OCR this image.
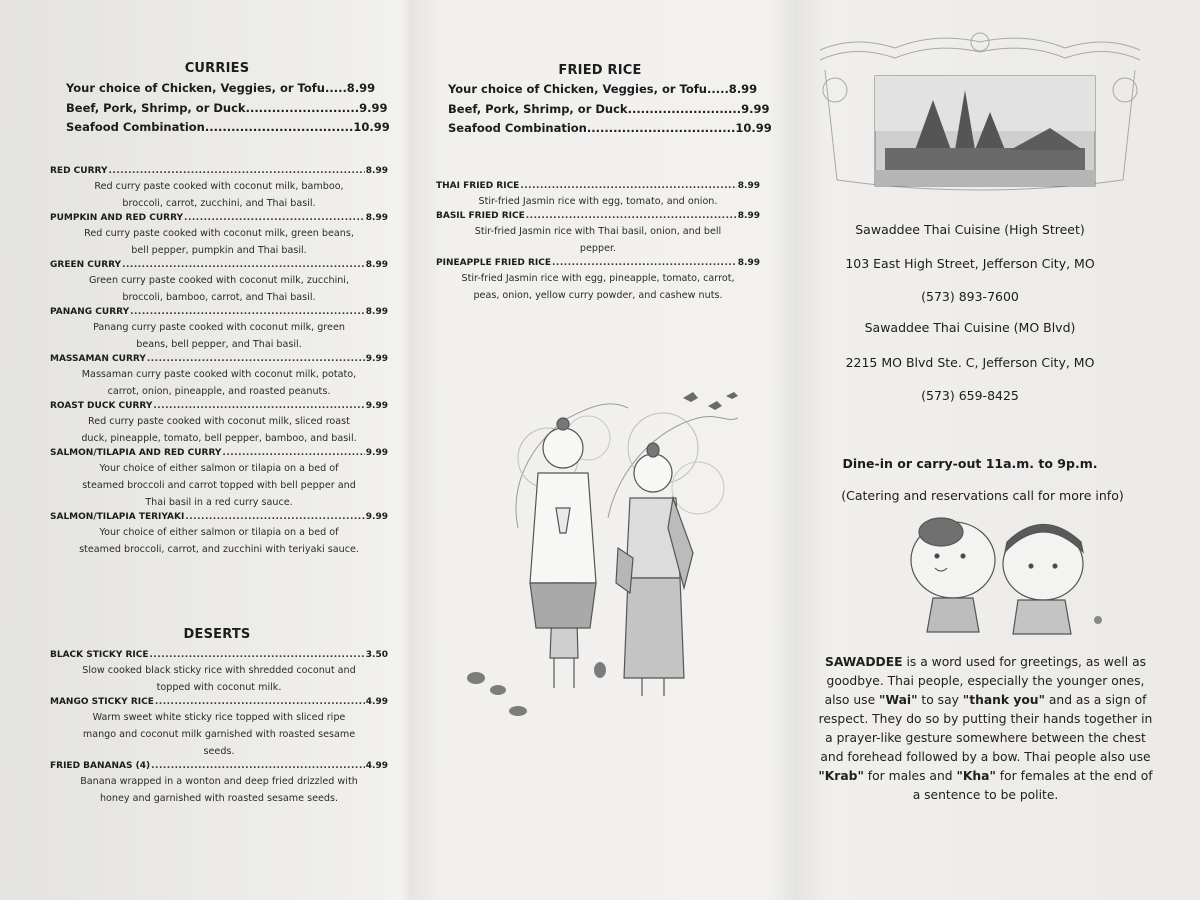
CURRIES
Your choice of Chicken, Veggies, or Tofu.....8.99
Beef, Pork, Shrimp, or Duck..........................9.99
Seafood Combination..................................10.99
RED CURRY .....	8.99
Red curry paste cooked with coconut milk, bamboo,
broccoli, carrot, zucchini, and Thai basil.
PUMPKIN AND RED CURRY .....	8.99
Red curry paste cooked with coconut milk, green beans,
bell pepper, pumpkin and Thai basil.
GREEN CURRY .....	8.99
Green curry paste cooked with coconut milk, zucchini,
broccoli, bamboo, carrot, and Thai basil.
PANANG CURRY .....	8.99
Panang curry paste cooked with coconut milk, green
beans, bell pepper, and Thai basil.
MASSAMAN CURRY .....	9.99
Massaman curry paste cooked with coconut milk, potato,
carrot, onion, pineapple, and roasted peanuts.
ROAST DUCK CURRY .....	9.99
Red curry paste cooked with coconut milk, sliced roast
duck, pineapple, tomato, bell pepper, bamboo, and basil.
SALMON/TILAPIA AND RED CURRY .....	9.99
Your choice of either salmon or tilapia on a bed of
steamed broccoli and carrot topped with bell pepper and
Thai basil in a red curry sauce.
SALMON/TILAPIA TERIYAKI .....	9.99
Your choice of either salmon or tilapia on a bed of
steamed broccoli, carrot, and zucchini with teriyaki sauce.
DESERTS
BLACK STICKY RICE .....	3.50
Slow cooked black sticky rice with shredded coconut and
topped with coconut milk.
MANGO STICKY RICE .....	4.99
Warm sweet white sticky rice topped with sliced ripe
mango and coconut milk garnished with roasted sesame
seeds.
FRIED BANANAS (4) .....	4.99
Banana wrapped in a wonton and deep fried drizzled with
honey and garnished with roasted sesame seeds.
FRIED RICE
Your choice of Chicken, Veggies, or Tofu.....8.99
Beef, Pork, Shrimp, or Duck..........................9.99
Seafood Combination..................................10.99
THAI FRIED RICE .....	8.99
Stir-fried Jasmin rice with egg, tomato, and onion.
BASIL FRIED RICE .....	8.99
Stir-fried Jasmin rice with Thai basil, onion, and bell
pepper.
PINEAPPLE FRIED RICE .....	8.99
Stir-fried Jasmin rice with egg, pineapple, tomato, carrot,
peas, onion, yellow curry powder, and cashew nuts.
Sawaddee Thai Cuisine (High Street)
103 East High Street, Jefferson City, MO
(573) 893-7600
Sawaddee Thai Cuisine (MO Blvd)
2215 MO Blvd Ste. C, Jefferson City, MO
(573) 659-8425
Dine-in or carry-out 11a.m. to 9p.m.
(Catering and reservations call for more info)
SAWADDEE is a word used for greetings, as well as goodbye. Thai people, especially the younger ones, also use "Wai" to say "thank you" and as a sign of respect. They do so by putting their hands together in a prayer-like gesture somewhere between the chest and forehead followed by a bow. Thai people also use "Krab" for males and "Kha" for females at the end of a sentence to be polite.
